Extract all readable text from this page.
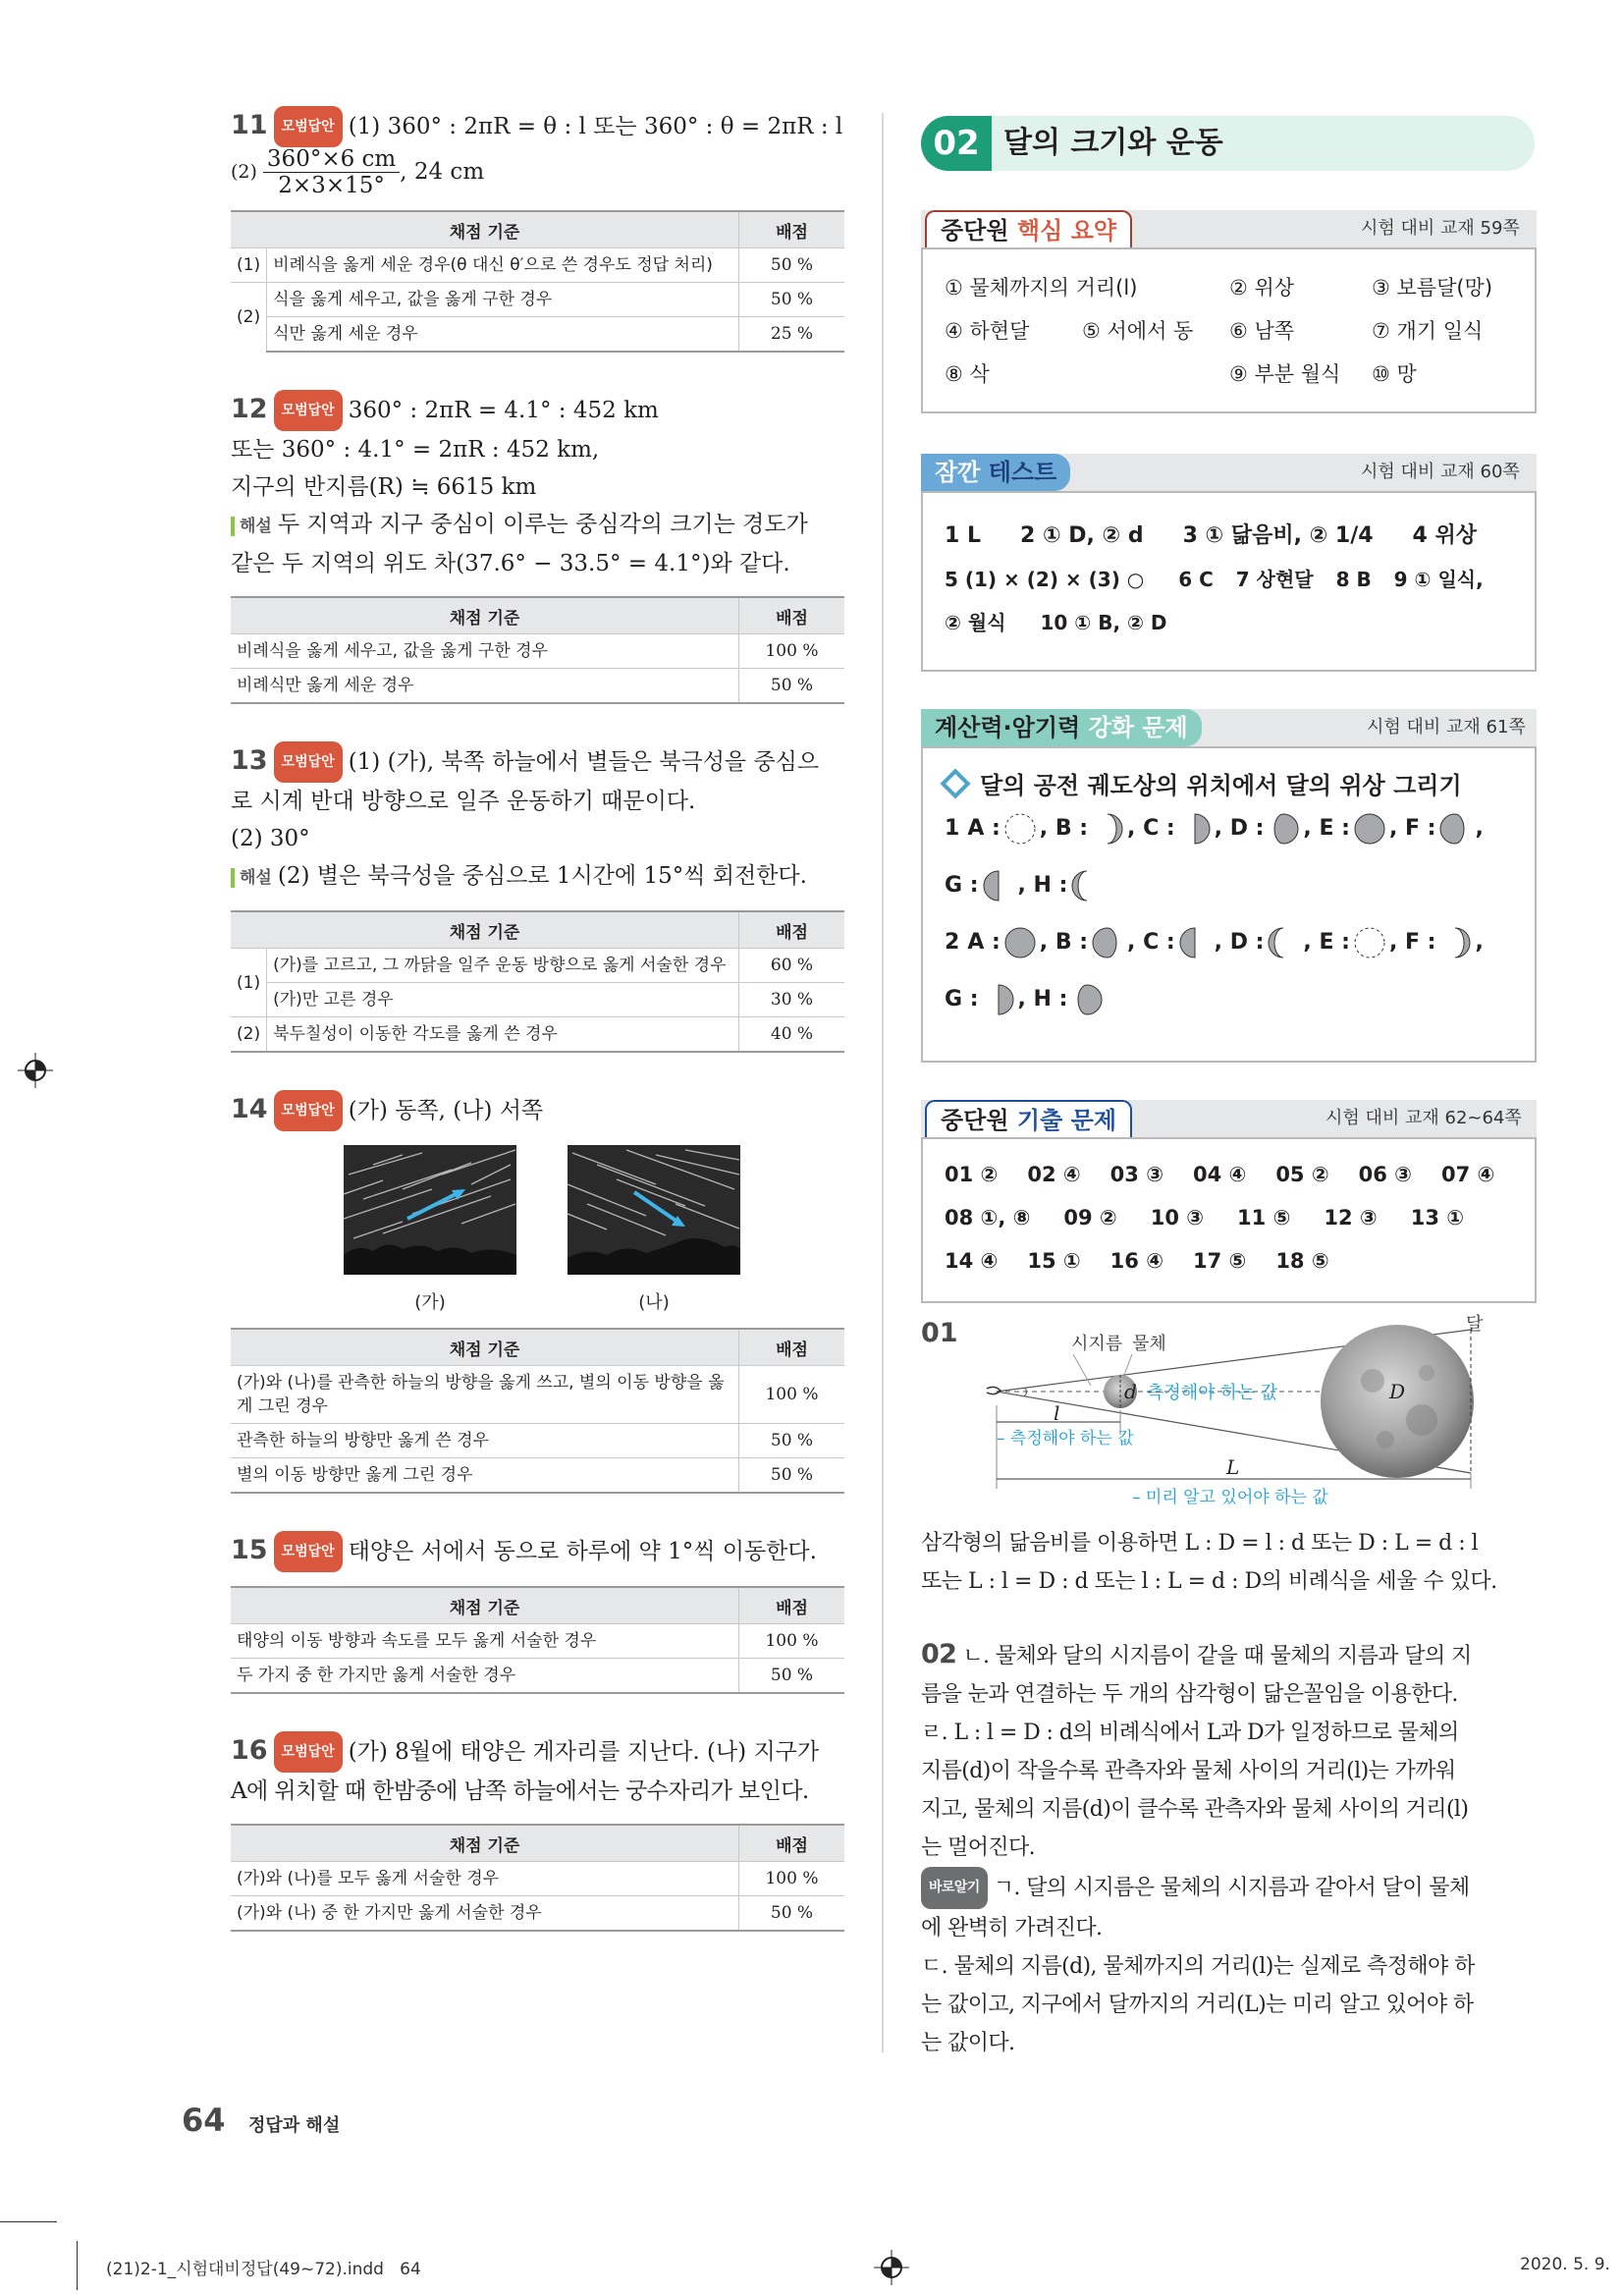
11 모범답안 (1) 360° : 2πR = θ : l 또는 360° : θ = 2πR : l
$(2) \frac{360^\circ\times 6 cm}{2\times 3\times 15^\circ}$ , 24 cm
채점 기준		배점
(1)	비례식을 옳게 세운 경우(θ 대신 θ′으로 쓴 경우도 정답 처리)	50 %
(2)	식을 옳게 세우고, 값을 옳게 구한 경우	50 %
	식만 옳게 세운 경우	25 %
12 모범답안 360° : 2πR = 4.1° : 452 km
또는 360° : 4.1° = 2πR : 452 km,
지구의 반지름(R) ≒ 6615 km
해설 두 지역과 지구 중심이 이루는 중심각의 크기는 경도가
같은 두 지역의 위도 차(37.6° − 33.5° = 4.1°)와 같다.
채점 기준	배점
비례식을 옳게 세우고, 값을 옳게 구한 경우	100 %
비례식만 옳게 세운 경우	50 %
13 모범답안 (1) (가), 북쪽 하늘에서 별들은 북극성을 중심으
로 시계 반대 방향으로 일주 운동하기 때문이다.
(2) 30°
해설 (2) 별은 북극성을 중심으로 1시간에 15°씩 회전한다.
채점 기준		배점
(1)	(가)를 고르고, 그 까닭을 일주 운동 방향으로 옳게 서술한 경우	60 %
	(가)만 고른 경우	30 %
(2)	북두칠성이 이동한 각도를 옳게 쓴 경우	40 %
14 모범답안 (가) 동쪽, (나) 서쪽
(가)	(나)
채점 기준	배점
(가)와 (나)를 관측한 하늘의 방향을 옳게 쓰고, 별의 이동 방향을 옳게 그린 경우	100 %
관측한 하늘의 방향만 옳게 쓴 경우	50 %
별의 이동 방향만 옳게 그린 경우	50 %
15 모범답안 태양은 서에서 동으로 하루에 약 1°씩 이동한다.
채점 기준	배점
태양의 이동 방향과 속도를 모두 옳게 서술한 경우	100 %
두 가지 중 한 가지만 옳게 서술한 경우	50 %
16 모범답안 (가) 8월에 태양은 게자리를 지난다. (나) 지구가
A에 위치할 때 한밤중에 남쪽 하늘에서는 궁수자리가 보인다.
채점 기준	배점
(가)와 (나)를 모두 옳게 서술한 경우	100 %
(가)와 (나) 중 한 가지만 옳게 서술한 경우	50 %
02 달의 크기와 운동
중단원 핵심 요약	시험 대비 교재 59쪽
① 물체까지의 거리(l)	② 위상	③ 보름달(망)
④ 하현달	⑤ 서에서 동	⑥ 남쪽	⑦ 개기 일식
⑧ 삭	⑨ 부분 월식	⑩ 망
잠깐 테스트	시험 대비 교재 60쪽
1 L 2 ① D, ② d 3 ① 닮음비, ② 1/4 4 위상
5 (1) × (2) × (3) ○ 6 C 7 상현달 8 B 9 ① 일식,
② 월식 10 ① B, ② D
계산력·암기력 강화 문제	시험 대비 교재 61쪽
달의 공전 궤도상의 위치에서 달의 위상 그리기
1 A : , B : , C : , D : , E : , F : ,
G : , H :
2 A : , B : , C : , D : , E : , F : ,
G : , H :
중단원 기출 문제	시험 대비 교재 62~64쪽
01 ② 02 ④ 03 ③ 04 ④ 05 ② 06 ③ 07 ④
08 ①, ⑧ 09 ② 10 ③ 11 ⑤ 12 ③ 13 ①
14 ④ 15 ① 16 ④ 17 ⑤ 18 ⑤
01	시지름 물체
달
d 측정해야 하는 값	D
l
– 측정해야 하는 값
L
– 미리 알고 있어야 하는 값
삼각형의 닮음비를 이용하면 L : D = l : d 또는 D : L = d : l
또는 L : l = D : d 또는 l : L = d : D의 비례식을 세울 수 있다.
02 ㄴ. 물체와 달의 시지름이 같을 때 물체의 지름과 달의 지
름을 눈과 연결하는 두 개의 삼각형이 닮은꼴임을 이용한다.
ㄹ. L : l = D : d의 비례식에서 L과 D가 일정하므로 물체의
지름(d)이 작을수록 관측자와 물체 사이의 거리(l)는 가까워
지고, 물체의 지름(d)이 클수록 관측자와 물체 사이의 거리(l)
는 멀어진다.
바로알기 ㄱ. 달의 시지름은 물체의 시지름과 같아서 달이 물체
에 완벽히 가려진다.
ㄷ. 물체의 지름(d), 물체까지의 거리(l)는 실제로 측정해야 하
는 값이고, 지구에서 달까지의 거리(L)는 미리 알고 있어야 하
는 값이다.
64 정답과 해설
(21)2-1_시험대비정답(49~72).indd   64	2020. 5. 9.
